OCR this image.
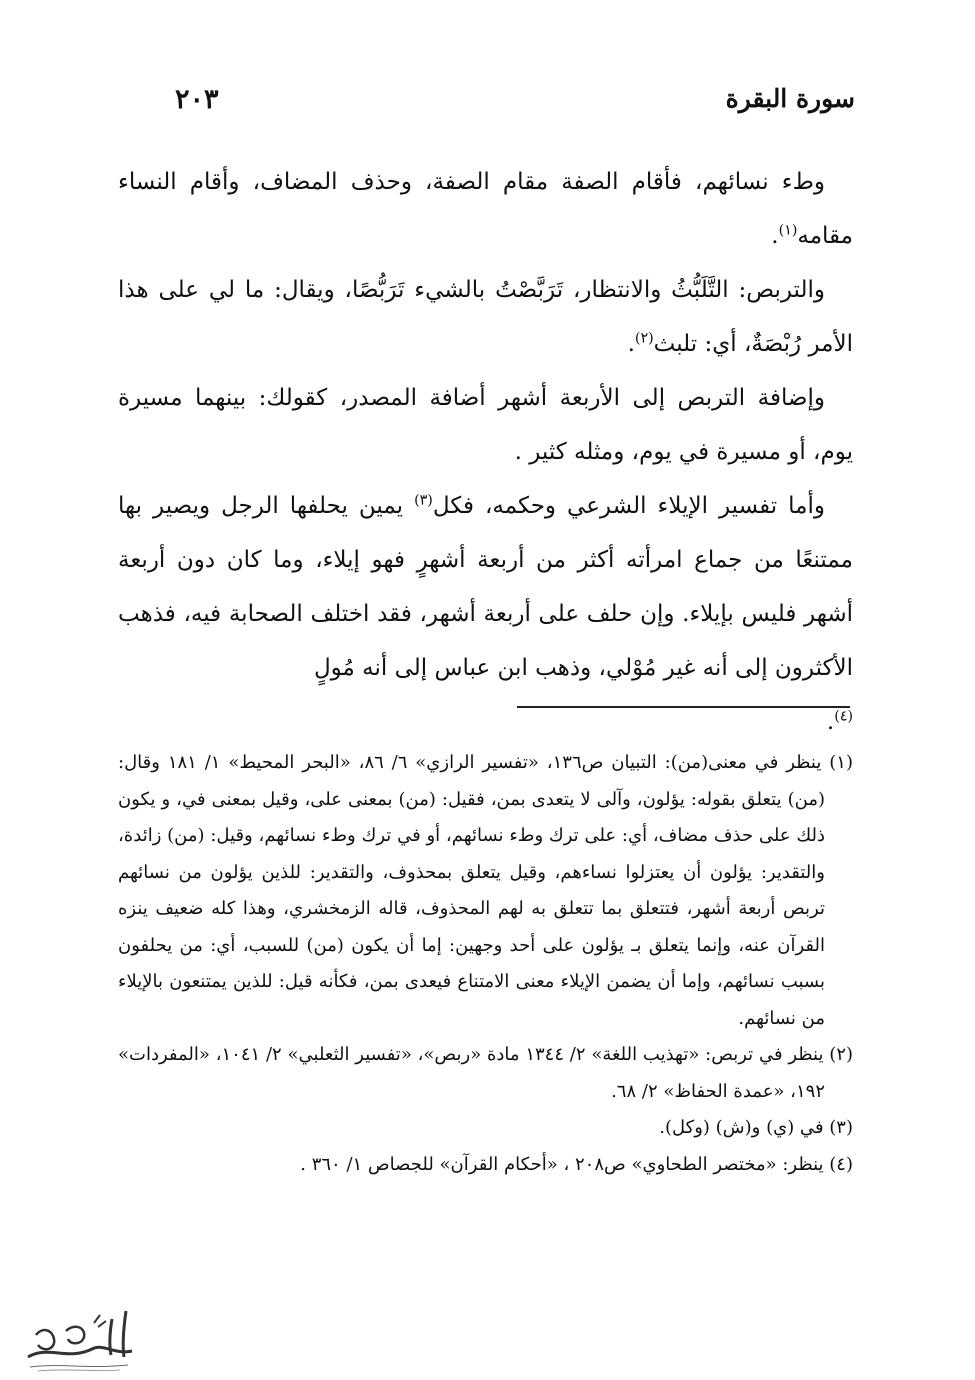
سورة البقرة
٢٠٣

وطء نسائهم، فأقام الصفة مقام الصفة، وحذف المضاف، وأقام النساء مقامه$^{(١)}$.

والتربص: التَّلَبُّثُ والانتظار، تَرَبَّصْتُ بالشيء تَرَبُّصًا، ويقال: ما لي على هذا الأمر رُبْصَةٌ، أي: تلبث$^{(٢)}$.

وإضافة التربص إلى الأربعة أشهر أضافة المصدر، كقولك: بينهما مسيرة يوم، أو مسيرة في يوم، ومثله كثير .

وأما تفسير الإيلاء الشرعي وحكمه، فكل$^{(٣)}$ يمين يحلفها الرجل ويصير بها ممتنعًا من جماع امرأته أكثر من أربعة أشهرٍ فهو إيلاء، وما كان دون أربعة أشهر فليس بإيلاء. وإن حلف على أربعة أشهر، فقد اختلف الصحابة فيه، فذهب الأكثرون إلى أنه غير مُوْلي، وذهب ابن عباس إلى أنه مُولٍ

$^{(٤)}$.

(١) ينظر في معنى(من): التبيان ص١٣٦، «تفسير الرازي» ٦/ ٨٦، «البحر المحيط» ١/ ١٨١ وقال: (من) يتعلق بقوله: يؤلون، وآلى لا يتعدى بمن، فقيل: (من) بمعنى على، وقيل بمعنى في، و يكون ذلك على حذف مضاف، أي: على ترك وطء نسائهم، أو في ترك وطء نسائهم، وقيل: (من) زائدة، والتقدير: يؤلون أن يعتزلوا نساءهم، وقيل يتعلق بمحذوف، والتقدير: للذين يؤلون من نسائهم تربص أربعة أشهر، فتتعلق بما تتعلق به لهم المحذوف، قاله الزمخشري، وهذا كله ضعيف ينزه القرآن عنه، وإنما يتعلق بـ يؤلون على أحد وجهين: إما أن يكون (من) للسبب، أي: من يحلفون بسبب نسائهم، وإما أن يضمن الإيلاء معنى الامتناع فيعدى بمن، فكأنه قيل: للذين يمتنعون بالإيلاء من نسائهم.

(٢) ينظر في تربص: «تهذيب اللغة» ٢/ ١٣٤٤ مادة «ربص»، «تفسير الثعلبي» ٢/ ١٠٤١، «المفردات» ١٩٢، «عمدة الحفاظ» ٢/ ٦٨.

(٣) في (ي) و(ش) (وكل).

(٤) ينظر: «مختصر الطحاوي» ص٢٠٨ ، «أحكام القرآن» للجصاص ١/ ٣٦٠ .
